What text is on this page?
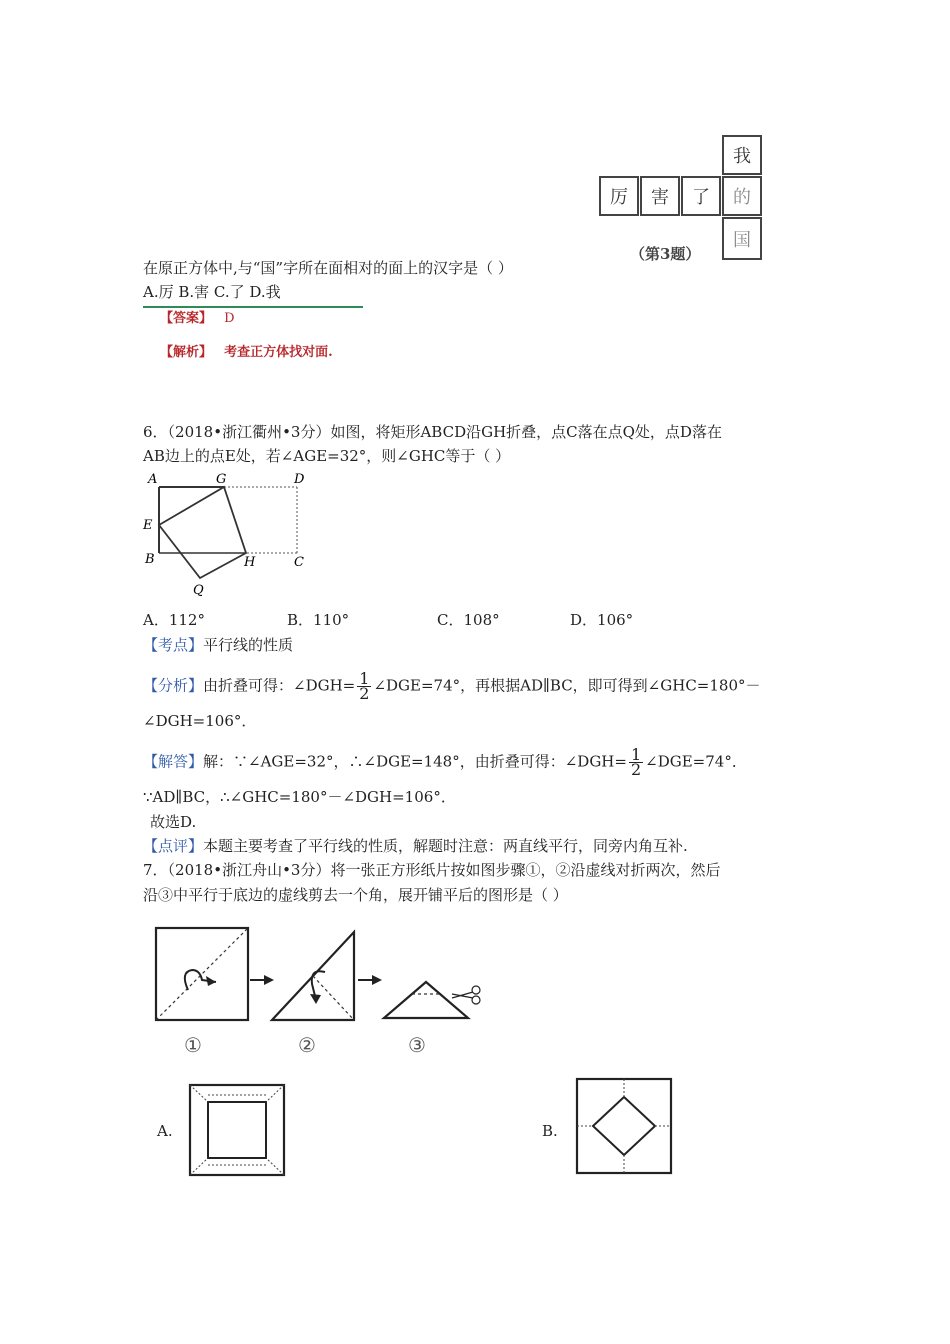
厉	害	了
我
的
国
（第3题）
在原正方体中,与“国”字所在面相对的面上的汉字是（ ）
A.厉 B.害 C.了 D.我
【答案】 D
【解析】 考查正方体找对面.
6．（2018•浙江衢州•3分）如图，将矩形ABCD沿GH折叠，点C落在点Q处，点D落在
AB边上的点E处，若∠AGE=32°，则∠GHC等于（ ）
A	G	D
E
B	H	C
Q
A．112°	B．110°	C．108°	D．106°
【考点】平行线的性质
【分析】由折叠可得：∠DGH= $\frac{1}{2}$ ∠DGE=74°，再根据AD∥BC，即可得到∠GHC=180°－
∠DGH=106°．
【解答】解：∵∠AGE=32°，∴∠DGE=148°，由折叠可得：∠DGH= $\frac{1}{2}$ ∠DGE=74°．
∵AD∥BC，∴∠GHC=180°－∠DGH=106°．
故选D.
【点评】本题主要考查了平行线的性质，解题时注意：两直线平行，同旁内角互补.
7．（2018•浙江舟山•3分）将一张正方形纸片按如图步骤①，②沿虚线对折两次，然后
沿③中平行于底边的虚线剪去一个角，展开铺平后的图形是（ ）
①	②	③
A.	B.
